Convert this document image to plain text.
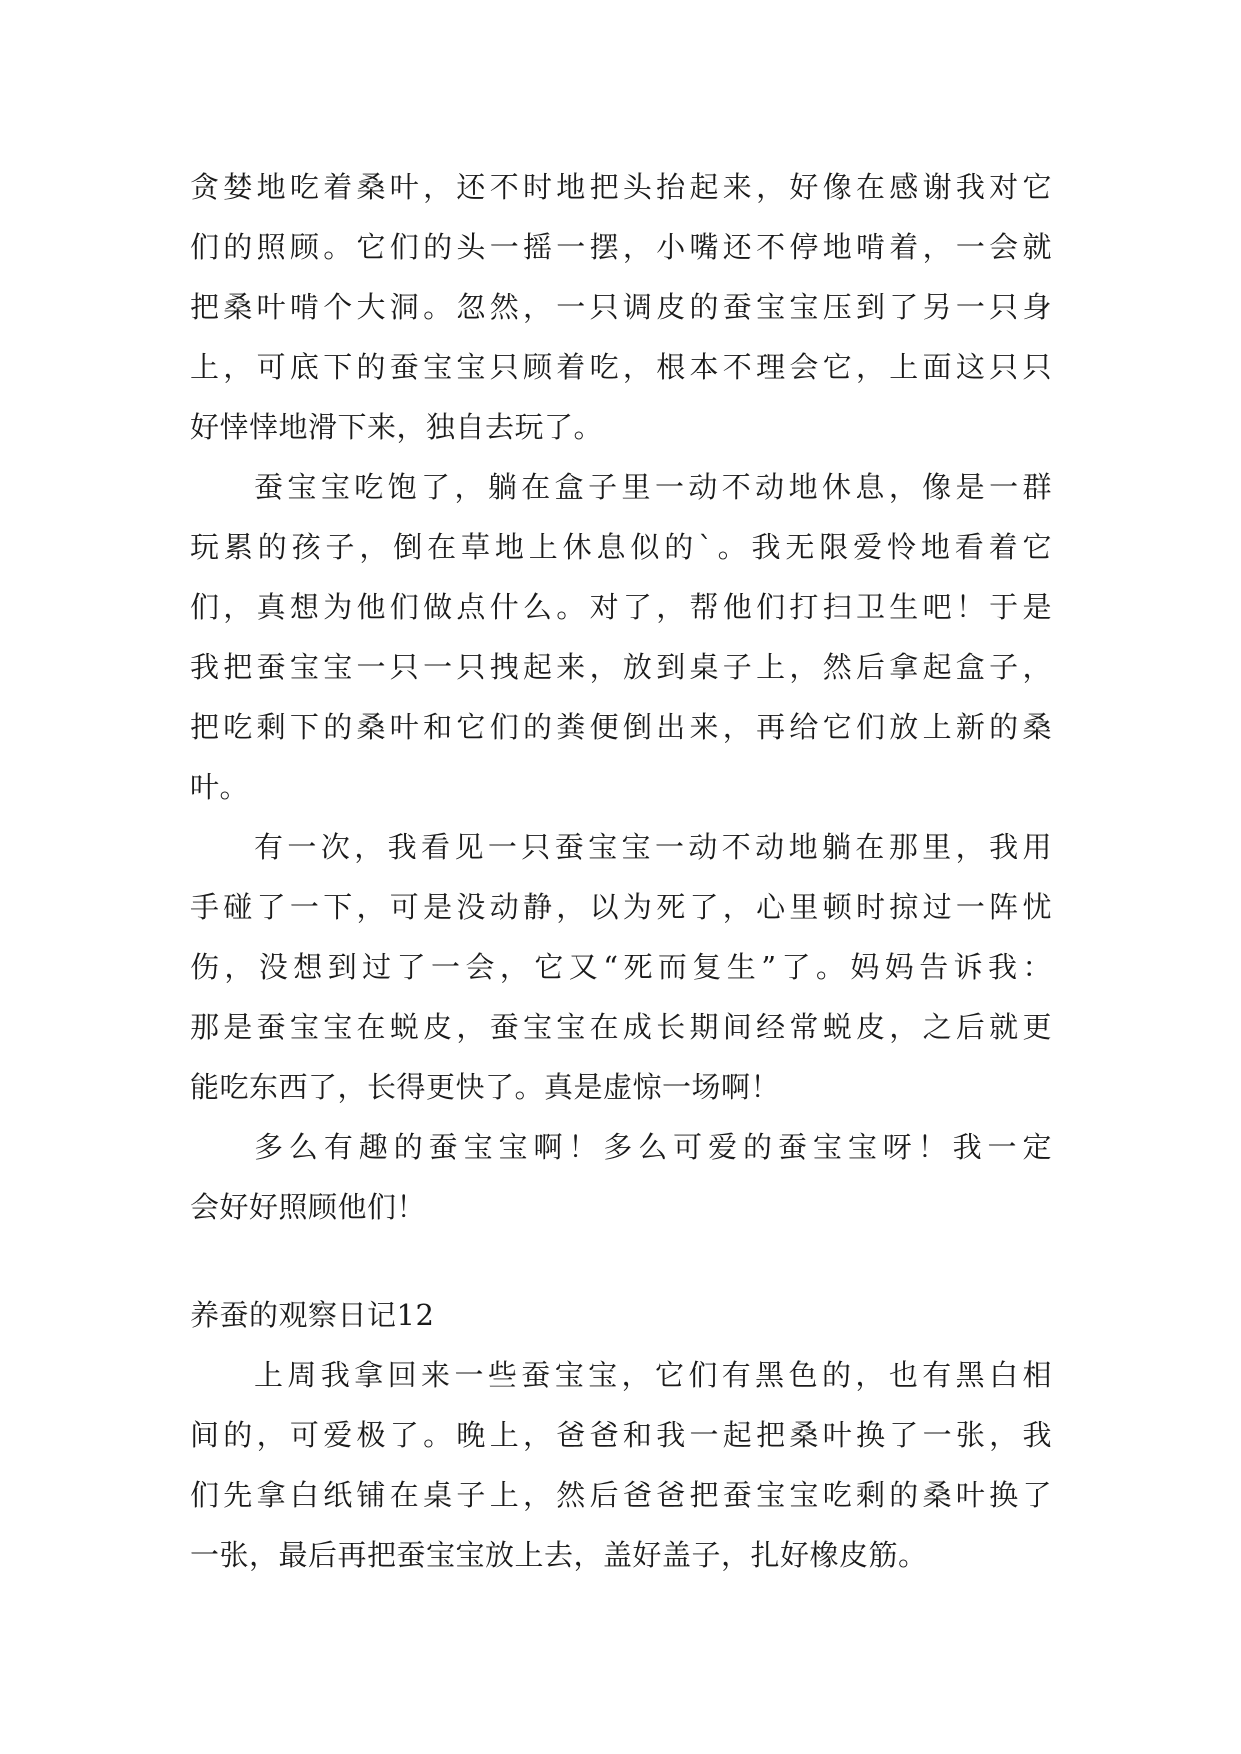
贪婪地吃着桑叶，还不时地把头抬起来，好像在感谢我对它
们的照顾。它们的头一摇一摆，小嘴还不停地啃着，一会就
把桑叶啃个大洞。忽然，一只调皮的蚕宝宝压到了另一只身
上，可底下的蚕宝宝只顾着吃，根本不理会它，上面这只只
好悻悻地滑下来，独自去玩了。
蚕宝宝吃饱了，躺在盒子里一动不动地休息，像是一群
玩累的孩子，倒在草地上休息似的`。我无限爱怜地看着它
们，真想为他们做点什么。对了，帮他们打扫卫生吧！于是
我把蚕宝宝一只一只拽起来，放到桌子上，然后拿起盒子，
把吃剩下的桑叶和它们的粪便倒出来，再给它们放上新的桑
叶。
有一次，我看见一只蚕宝宝一动不动地躺在那里，我用
手碰了一下，可是没动静，以为死了，心里顿时掠过一阵忧
伤，没想到过了一会，它又“死而复生”了。妈妈告诉我：
那是蚕宝宝在蜕皮，蚕宝宝在成长期间经常蜕皮，之后就更
能吃东西了，长得更快了。真是虚惊一场啊！
多么有趣的蚕宝宝啊！多么可爱的蚕宝宝呀！我一定
会好好照顾他们！
养蚕的观察日记12
上周我拿回来一些蚕宝宝，它们有黑色的，也有黑白相
间的，可爱极了。晚上，爸爸和我一起把桑叶换了一张，我
们先拿白纸铺在桌子上，然后爸爸把蚕宝宝吃剩的桑叶换了
一张，最后再把蚕宝宝放上去，盖好盖子，扎好橡皮筋。
